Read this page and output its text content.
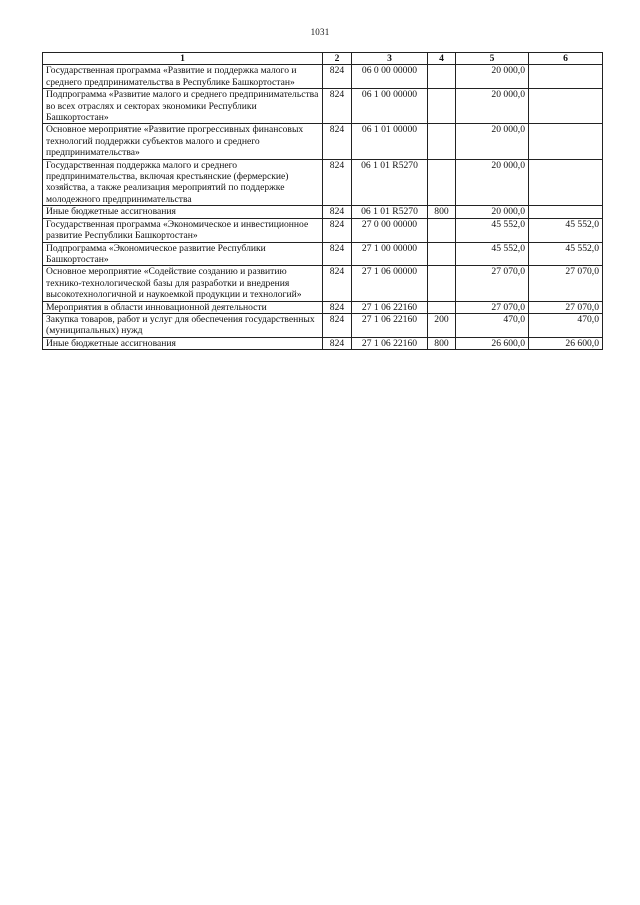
1031
1	2	3	4	5	6
Государственная программа «Развитие и поддержка малого и среднего предпринимательства в Республике Башкортостан»	824	06 0 00 00000		20 000,0	
Подпрограмма «Развитие малого и среднего предпринимательства во всех отраслях и секторах экономики Республики Башкортостан»	824	06 1 00 00000		20 000,0	
Основное мероприятие «Развитие прогрессивных финансовых технологий поддержки субъектов малого и среднего предпринимательства»	824	06 1 01 00000		20 000,0	
Государственная поддержка малого и среднего предпринимательства, включая крестьянские (фермерские) хозяйства, а также реализация мероприятий по поддержке молодежного предпринимательства	824	06 1 01 R5270		20 000,0	
Иные бюджетные ассигнования	824	06 1 01 R5270	800	20 000,0	
Государственная программа «Экономическое и инвестиционное развитие Республики Башкортостан»	824	27 0 00 00000		45 552,0	45 552,0
Подпрограмма «Экономическое развитие Республики Башкортостан»	824	27 1 00 00000		45 552,0	45 552,0
Основное мероприятие «Содействие созданию и развитию технико-технологической базы для разработки и внедрения высокотехнологичной и наукоемкой продукции и технологий»	824	27 1 06 00000		27 070,0	27 070,0
Мероприятия в области инновационной деятельности	824	27 1 06 22160		27 070,0	27 070,0
Закупка товаров, работ и услуг для обеспечения государственных (муниципальных) нужд	824	27 1 06 22160	200	470,0	470,0
Иные бюджетные ассигнования	824	27 1 06 22160	800	26 600,0	26 600,0
